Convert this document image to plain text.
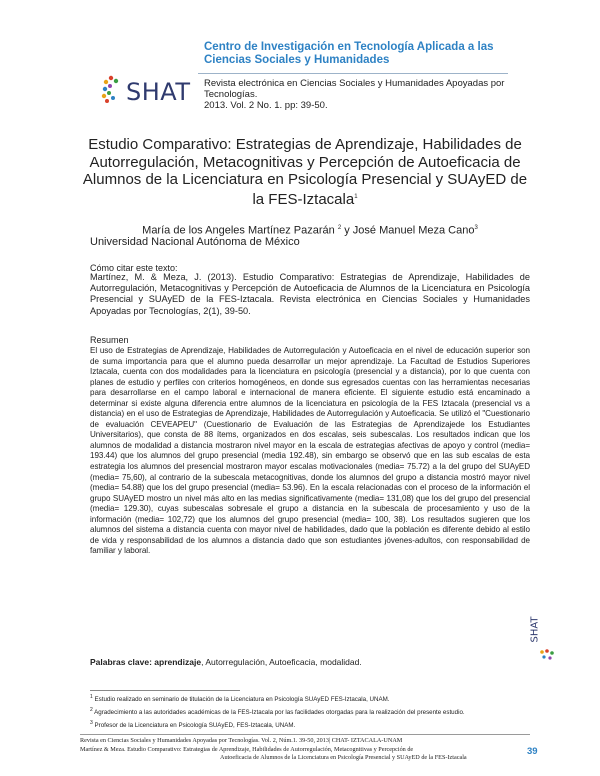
SHAT
Centro de Investigación en Tecnología Aplicada a las Ciencias Sociales y Humanidades
Revista electrónica en Ciencias Sociales y Humanidades Apoyadas por Tecnologías.
2013. Vol. 2 No. 1. pp: 39-50.
Estudio Comparativo: Estrategias de Aprendizaje, Habilidades de Autorregulación, Metacognitivas y Percepción de Autoeficacia de Alumnos de la Licenciatura en Psicología Presencial y SUAyED de la FES-Iztacala$^1$
María de los Angeles Martínez Pazarán $^2$ y José Manuel Meza Cano$^3$
Universidad Nacional Autónoma de México
Cómo citar este texto:
Martínez, M. & Meza, J. (2013). Estudio Comparativo: Estrategias de Aprendizaje, Habilidades de Autorregulación, Metacognitivas y Percepción de Autoeficacia de Alumnos de la Licenciatura en Psicología Presencial y SUAyED de la FES-Iztacala. Revista electrónica en Ciencias Sociales y Humanidades Apoyadas por Tecnologías, 2(1), 39-50.
Resumen
El uso de Estrategias de Aprendizaje, Habilidades de Autorregulación y Autoeficacia en el nivel de educación superior son de suma importancia para que el alumno pueda desarrollar un mejor aprendizaje. La Facultad de Estudios Superiores Iztacala, cuenta con dos modalidades para la licenciatura en psicología (presencial y a distancia), por lo que cuenta con planes de estudio y perfiles con criterios homogéneos, en donde sus egresados cuentas con las herramientas necesarias para desarrollarse en el campo laboral e internacional de manera eficiente. El siguiente estudio está encaminado a determinar si existe alguna diferencia entre alumnos de la licenciatura en psicología de la FES Iztacala (presencial vs a distancia) en el uso de Estrategias de Aprendizaje, Habilidades de Autorregulación y Autoeficacia. Se utilizó el "Cuestionario de evaluación CEVEAPEU" (Cuestionario de Evaluación de las Estrategias de Aprendizajede los Estudiantes Universitarios), que consta de 88 ítems, organizados en dos escalas, seis subescalas. Los resultados indican que los alumnos de modalidad a distancia mostraron nivel mayor en la escala de estrategias afectivas de apoyo y control (media= 193.44) que los alumnos del grupo presencial (media 192.48), sin embargo se observó que en las sub escalas de esta estrategia los alumnos del presencial mostraron mayor escalas motivacionales (media= 75.72) a la del grupo del SUAyED (media= 75,60), al contrario de la subescala metacognitivas, donde los alumnos del grupo a distancia mostró mayor nivel (media= 54.88) que los del grupo presencial (media= 53.96). En la escala relacionadas con el proceso de la información el grupo SUAyED mostro un nivel más alto en las medias significativamente (media= 131,08) que los del grupo del presencial (media= 129.30), cuyas subescalas sobresale el grupo a distancia en la subescala de procesamiento y uso de la información (media= 102,72) que los alumnos del grupo presencial (media= 100, 38). Los resultados sugieren que los alumnos del sistema a distancia cuenta con mayor nivel de habilidades, dado que la población es diferente debido al estilo de vida y responsabilidad de los alumnos a distancia dado que son estudiantes jóvenes-adultos, con responsabilidad de familiar y laboral.
Palabras clave: aprendizaje, Autorregulación, Autoeficacia, modalidad.
SHAT

$^1$ Estudio realizado en seminario de titulación de la Licenciatura en Psicología SUAyED FES-Iztacala, UNAM.

$^2$ Agradecimiento a las autoridades académicas de la FES-Iztacala por las facilidades otorgadas para la realización del presente estudio.

$^3$ Profesor de la Licenciatura en Psicología SUAyED, FES-Iztacala, UNAM.

Revista en Ciencias Sociales y Humanidades Apoyadas por Tecnologías. Vol. 2, Núm.1. 39-50, 2013| CHAT- IZTACALA-UNAM
Martínez & Meza. Estudio Comparativo: Estrategias de Aprendizaje, Habilidades de Autorregulación, Metacognitivas y Percepción de
Autoeficacia de Alumnos de la Licenciatura en Psicología Presencial y SUAyED de la FES-Iztacala
39
